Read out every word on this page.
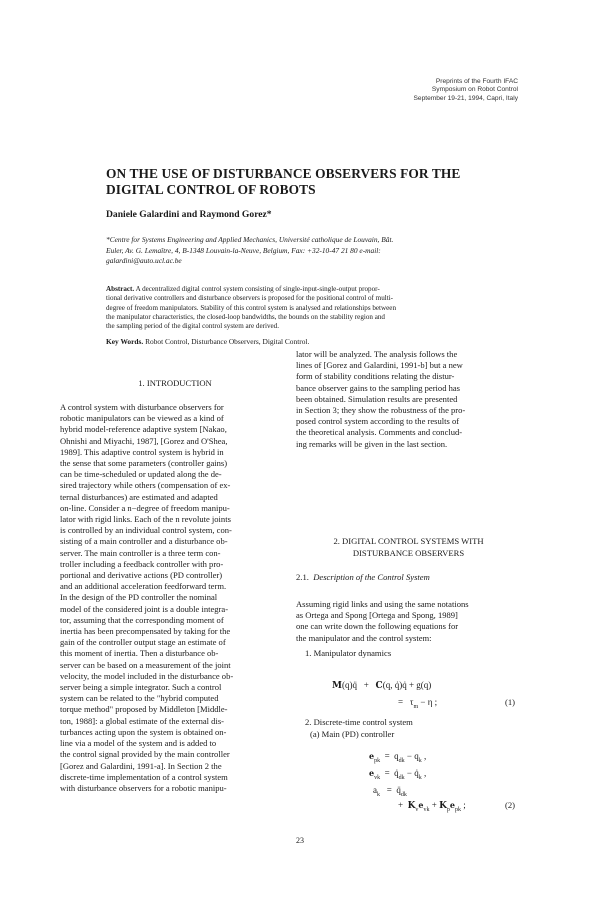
Preprints of the Fourth IFAC
Symposium on Robot Control
September 19-21, 1994, Capri, Italy
ON THE USE OF DISTURBANCE OBSERVERS FOR THE
DIGITAL CONTROL OF ROBOTS
Daniele Galardini and Raymond Gorez*
*Centre for Systems Engineering and Applied Mechanics, Université catholique de Louvain, Bât.
Euler, Av. G. Lemaître, 4, B-1348 Louvain-la-Neuve, Belgium, Fax: +32-10-47 21 80 e-mail:
galardini@auto.ucl.ac.be
Abstract. A decentralized digital control system consisting of single-input-single-output propor-
tional derivative controllers and disturbance observers is proposed for the positional control of multi-
degree of freedom manipulators. Stability of this control system is analysed and relationships between
the manipulator characteristics, the closed-loop bandwidths, the bounds on the stability region and
the sampling period of the digital control system are derived.
Key Words. Robot Control, Disturbance Observers, Digital Control.
1. INTRODUCTION
A control system with disturbance observers for
robotic manipulators can be viewed as a kind of
hybrid model-reference adaptive system [Nakao,
Ohnishi and Miyachi, 1987], [Gorez and O'Shea,
1989]. This adaptive control system is hybrid in
the sense that some parameters (controller gains)
can be time-scheduled or updated along the de-
sired trajectory while others (compensation of ex-
ternal disturbances) are estimated and adapted
on-line. Consider a n−degree of freedom manipu-
lator with rigid links. Each of the n revolute joints
is controlled by an individual control system, con-
sisting of a main controller and a disturbance ob-
server. The main controller is a three term con-
troller including a feedback controller with pro-
portional and derivative actions (PD controller)
and an additional acceleration feedforward term.
In the design of the PD controller the nominal
model of the considered joint is a double integra-
tor, assuming that the corresponding moment of
inertia has been precompensated by taking for the
gain of the controller output stage an estimate of
this moment of inertia. Then a disturbance ob-
server can be based on a measurement of the joint
velocity, the model included in the disturbance ob-
server being a simple integrator. Such a control
system can be related to the "hybrid computed
torque method" proposed by Middleton [Middle-
ton, 1988]: a global estimate of the external dis-
turbances acting upon the system is obtained on-
line via a model of the system and is added to
the control signal provided by the main controller
[Gorez and Galardini, 1991-a]. In Section 2 the
discrete-time implementation of a control system
with disturbance observers for a robotic manipu-
lator will be analyzed. The analysis follows the
lines of [Gorez and Galardini, 1991-b] but a new
form of stability conditions relating the distur-
bance observer gains to the sampling period has
been obtained. Simulation results are presented
in Section 3; they show the robustness of the pro-
posed control system according to the results of
the theoretical analysis. Comments and conclud-
ing remarks will be given in the last section.
2. DIGITAL CONTROL SYSTEMS WITH
DISTURBANCE OBSERVERS
2.1. Description of the Control System
Assuming rigid links and using the same notations
as Ortega and Spong [Ortega and Spong, 1989]
one can write down the following equations for
the manipulator and the control system:
1. Manipulator dynamics
M(q)q̈   +   C(q, q̇)q̇ + g(q)
=   $\tau_m - \eta$ ;	(1)
2. Discrete-time control system
(a) Main (PD) controller
$e_{pk} = q_{dk} - q_k$ ,
$e_{vk}$  =  $q̇_{dk}$ − $q̇_k$ ,
$a_k$   =  $q̈_{dk}$
+  $K_ve_{vk} + K_pe_{pk}$ ;	(2)
23
